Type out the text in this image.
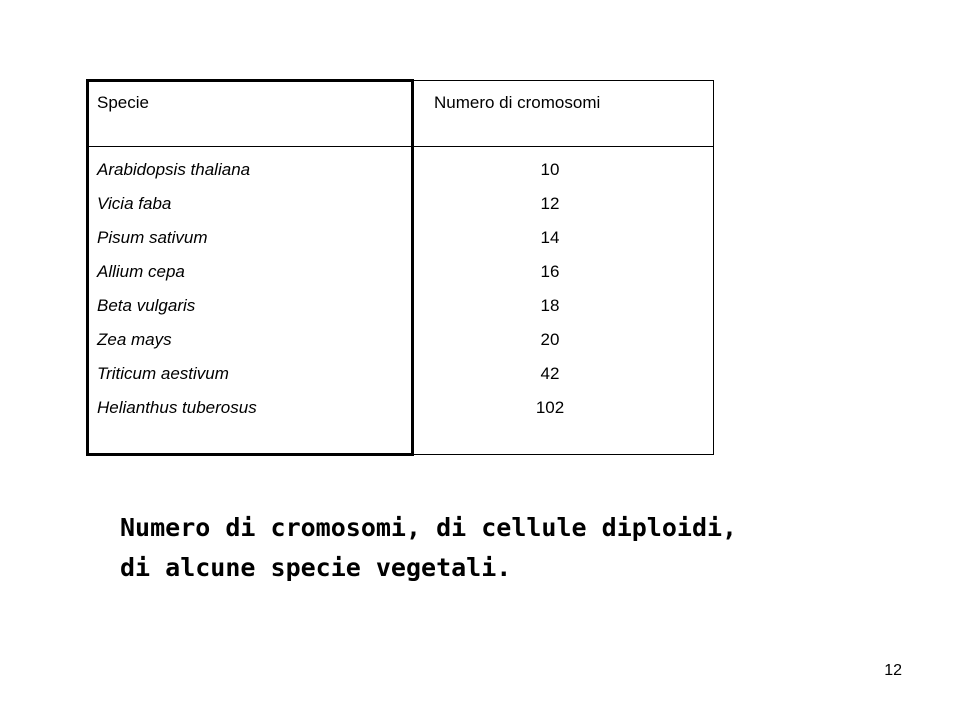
Specie	Numero di cromosomi
Arabidopsis thaliana
Vicia faba
Pisum sativum
Allium cepa
Beta vulgaris
Zea mays
Triticum aestivum
Helianthus tuberosus
10
12
14
16
18
20
42
102
Numero di cromosomi, di cellule diploidi, di alcune specie vegetali.
12
